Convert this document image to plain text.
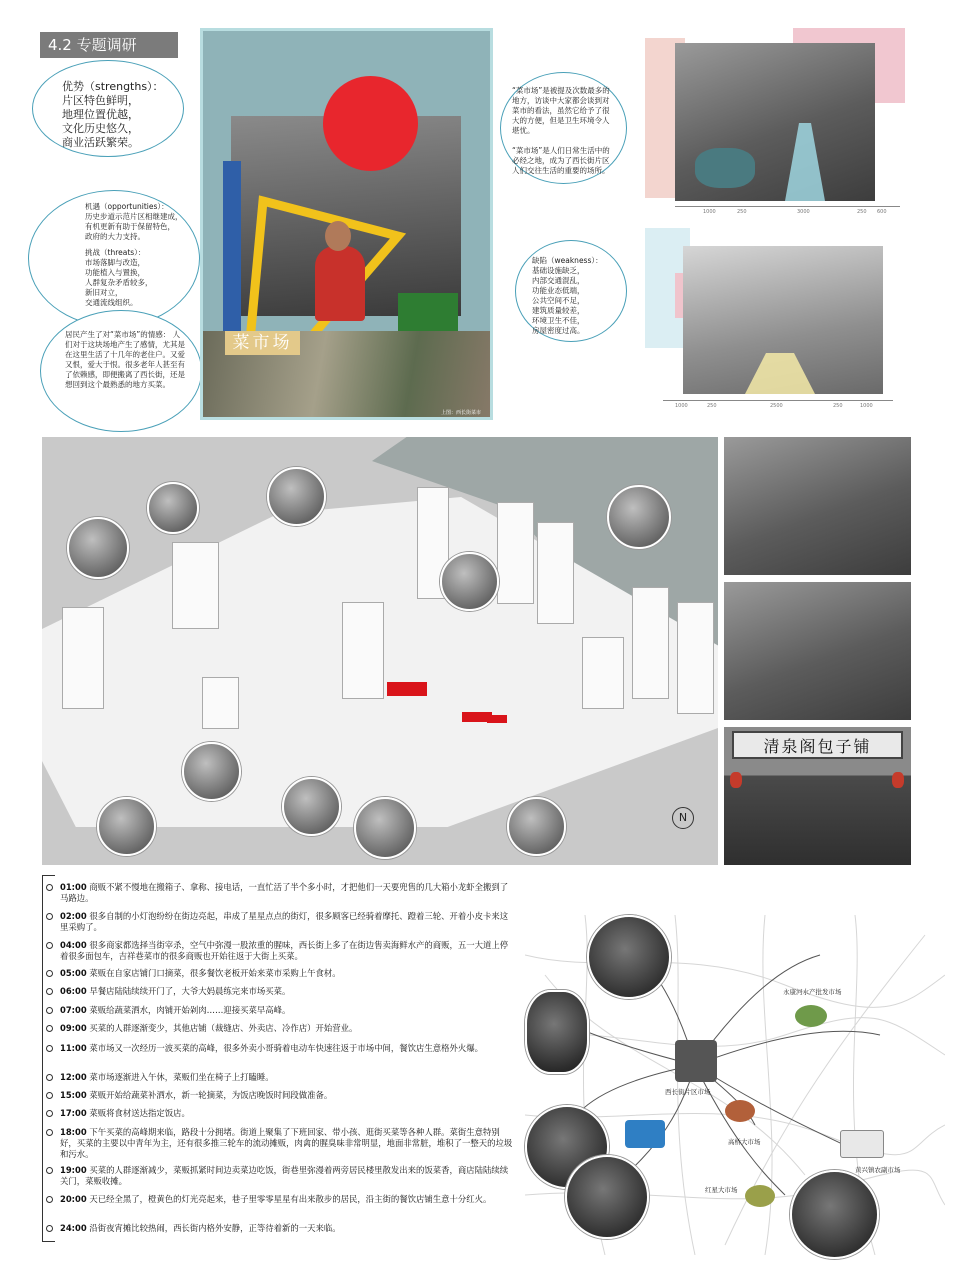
4.2 专题调研
优势（strengths）：
片区特色鲜明，
地理位置优越，
文化历史悠久，
商业活跃繁荣。
机遇（opportunities）：
历史步道示范片区相继建成，
有机更新有助于保留特色，
政府的大力支持。
挑战（threats）：
市场落脚与改造，
功能植入与置换，
人群复杂矛盾较多，
新旧对立，
交通流线组织。
居民产生了对“菜市场”的情感： 人们对于这块场地产生了感情，尤其是在这里生活了十几年的老住户。又爱又恨，爱大于恨。很多老年人甚至有了依赖感，即便搬离了西长街，还是想回到这个最熟悉的地方买菜。
“菜市场”是被提及次数最多的地方，访谈中大家都会谈到对菜市的看法，虽然它给予了很大的方便，但是卫生环境令人堪忧。

“菜市场”是人们日常生活中的必经之地，成为了西长街片区人们交往生活的重要的场所。
缺陷（weakness）：
基础设施缺乏，
内部交通混乱，
功能业态低端，
公共空间不足，
建筑质量较差，
环境卫生不佳，
房屋密度过高。
菜市场
上图：西长街菜市
1000	250	3000	250 600
1000	250	2500	250	1000
N
清泉阁包子铺
01:00 商贩不紧不慢地在搬箱子、拿称、接电话，一直忙活了半个多小时，才把他们一天要兜售的几大箱小龙虾全搬到了马路边。
02:00 很多自制的小灯泡纷纷在街边亮起，串成了星星点点的街灯，很多顾客已经骑着摩托、蹬着三轮、开着小皮卡来这里采购了。
04:00 很多商家都选择当街宰杀，空气中弥漫一股浓重的腥味，西长街上多了在街边售卖海鲜水产的商贩，五一大道上停着很多面包车，吉祥巷菜市的很多商贩也开始往返于大街上买菜。
05:00 菜贩在自家店铺门口摘菜，很多餐饮老板开始来菜市采购上午食材。
06:00 早餐店陆陆续续开门了，大爷大妈晨练完来市场买菜。
07:00 菜贩给蔬菜洒水，肉铺开始剁肉……迎接买菜早高峰。
09:00 买菜的人群逐渐变少，其他店铺（裁缝店、外卖店、冷作店）开始营业。
11:00 菜市场又一次经历一波买菜的高峰，很多外卖小哥骑着电动车快速往返于市场中间，餐饮店生意格外火爆。
12:00 菜市场逐渐进入午休，菜贩们坐在椅子上打瞌睡。
15:00 菜贩开始给蔬菜补洒水，新一轮摘菜，为饭店晚饭时间段做准备。
17:00 菜贩将食材送达指定饭店。
18:00 下午买菜的高峰期来临，路段十分拥堵。街道上聚集了下班回家、带小孩、逛街买菜等各种人群。菜街生意特别好，买菜的主要以中青年为主，还有很多推三轮车的流动摊贩，肉禽的腥臭味非常明显，地面非常脏，堆积了一整天的垃圾和污水。
19:00 买菜的人群逐渐减少，菜贩抓紧时间边卖菜边吃饭，街巷里弥漫着两旁居民楼里散发出来的饭菜香，商店陆陆续续关门，菜贩收摊。
20:00 天已经全黑了，橙黄色的灯光亮起来，巷子里零零星星有出来散步的居民，沿主街的餐饮店铺生意十分红火。
24:00 沿街夜宵摊比较热闹，西长街内格外安静，正等待着新的一天来临。
永康河水产批发市场
西长街片区市场
高桥大市场
红星大市场
黄兴镇农副市场
